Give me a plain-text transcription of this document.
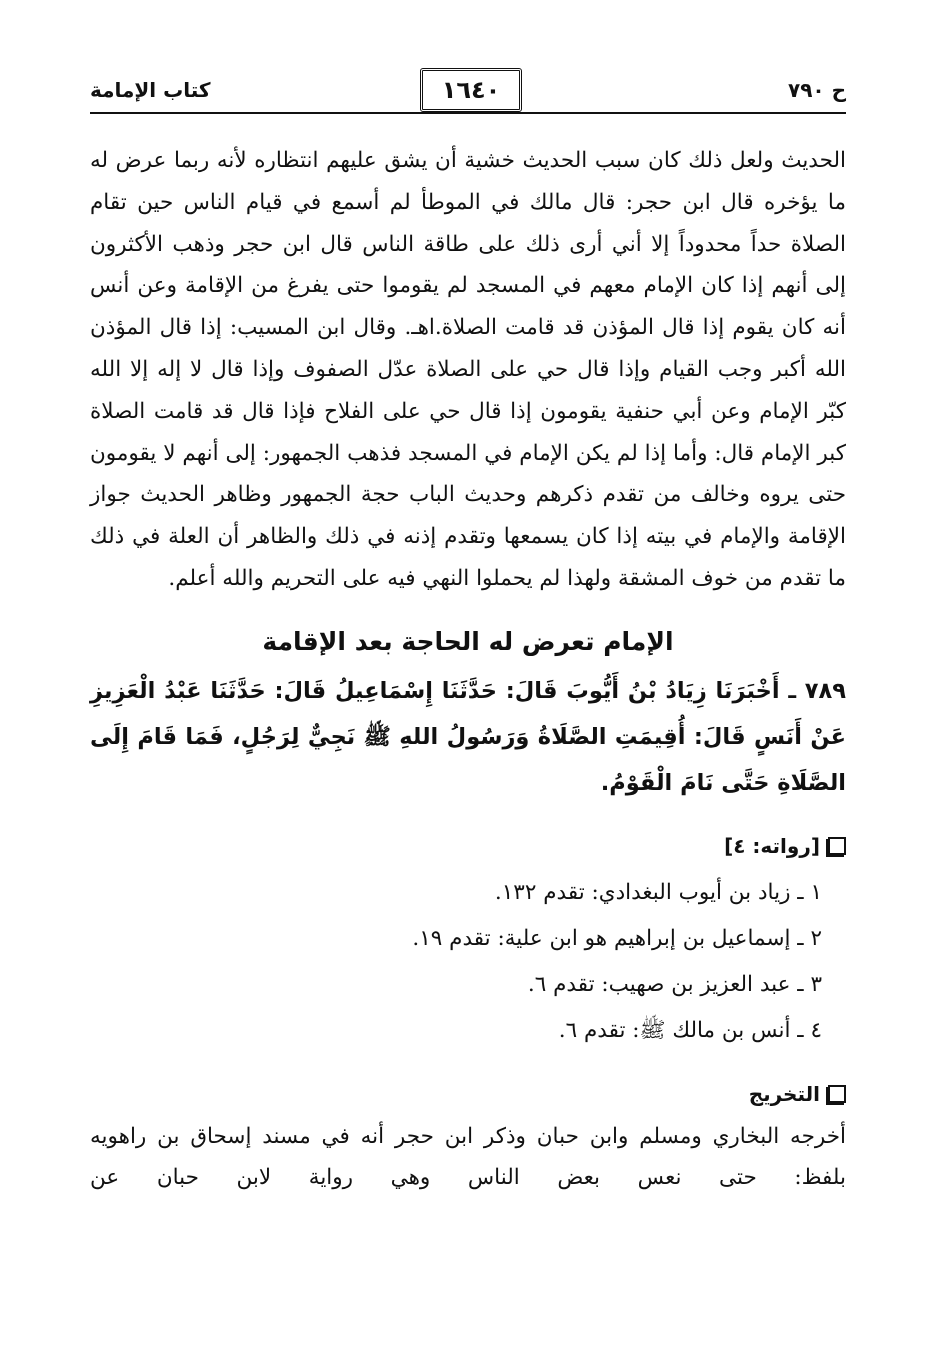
ح ٧٩٠
١٦٤٠
كتاب الإمامة
الحديث ولعل ذلك كان سبب الحديث خشية أن يشق عليهم انتظاره لأنه ربما عرض له ما يؤخره قال ابن حجر: قال مالك في الموطأ لم أسمع في قيام الناس حين تقام الصلاة حداً محدوداً إلا أني أرى ذلك على طاقة الناس قال ابن حجر وذهب الأكثرون إلى أنهم إذا كان الإمام معهم في المسجد لم يقوموا حتى يفرغ من الإقامة وعن أنس أنه كان يقوم إذا قال المؤذن قد قامت الصلاة.اهـ. وقال ابن المسيب: إذا قال المؤذن الله أكبر وجب القيام وإذا قال حي على الصلاة عدّل الصفوف وإذا قال لا إله إلا الله كبّر الإمام وعن أبي حنفية يقومون إذا قال حي على الفلاح فإذا قال قد قامت الصلاة كبر الإمام قال: وأما إذا لم يكن الإمام في المسجد فذهب الجمهور: إلى أنهم لا يقومون حتى يروه وخالف من تقدم ذكرهم وحديث الباب حجة الجمهور وظاهر الحديث جواز الإقامة والإمام في بيته إذا كان يسمعها وتقدم إذنه في ذلك والظاهر أن العلة في ذلك ما تقدم من خوف المشقة ولهذا لم يحملوا النهي فيه على التحريم والله أعلم.
الإمام تعرض له الحاجة بعد الإقامة
٧٨٩ ـ أَخْبَرَنَا زِيَادُ بْنُ أَيُّوبَ قَالَ: حَدَّثَنَا إِسْمَاعِيلُ قَالَ: حَدَّثَنَا عَبْدُ الْعَزِيزِ عَنْ أَنَسٍ قَالَ: أُقِيمَتِ الصَّلَاةُ وَرَسُولُ اللهِ ﷺ نَجِيٌّ لِرَجُلٍ، فَمَا قَامَ إِلَى الصَّلَاةِ حَتَّى نَامَ الْقَوْمُ.
[رواته: ٤]
١ ـ زياد بن أيوب البغدادي: تقدم ١٣٢.
٢ ـ إسماعيل بن إبراهيم هو ابن علية: تقدم ١٩.
٣ ـ عبد العزيز بن صهيب: تقدم ٦.
٤ ـ أنس بن مالك ﷺ: تقدم ٦.
التخريج
أخرجه البخاري ومسلم وابن حبان وذكر ابن حجر أنه في مسند إسحاق بن راهويه بلفظ: حتى نعس بعض الناس وهي رواية لابن حبان عن
